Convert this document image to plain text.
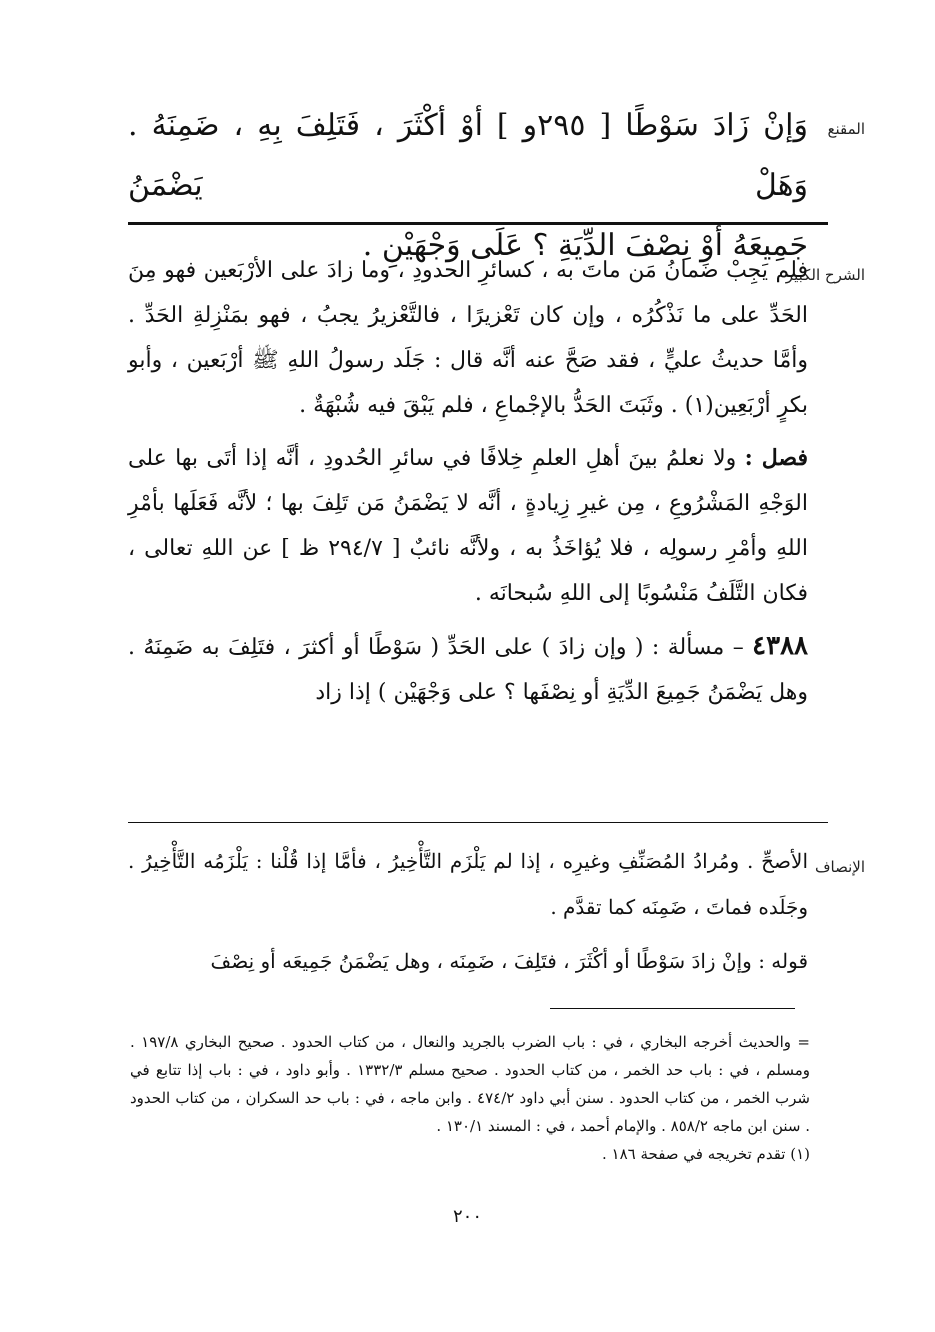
المقنع
وَإنْ زَادَ سَوْطًا [ ٢٩٥و ] أوْ أكْثَرَ ، فَتَلِفَ بِهِ ، ضَمِنَهُ . وَهَلْ يَضْمَنُ
جَمِيعَهُ أوْ نِصْفَ الدِّيَةِ ؟ عَلَى وَجْهَيْنِ .
الشرح الكبير

فلم يَجِبْ ضَمانُ مَن ماتَ به ، كسائرِ الحدودِ ، وما زادَ على الأرْبَعين فهو مِنَ الحَدِّ على ما نَذْكُرُه ، وإن كان تَعْزيرًا ، فالتَّعْزيرُ يجبُ ، فهو بمَنْزِلةِ الحَدِّ . وأمَّا حديثُ عليٍّ ، فقد صَحَّ عنه أنَّه قال : جَلَد رسولُ اللهِ ﷺ أرْبَعين ، وأبو بكرٍ أرْبَعِين(١) . وثَبَتَ الحَدُّ بالإجْماعِ ، فلم يَبْقَ فيه شُبْهَةٌ .

فصل : ولا نعلمُ بينَ أهلِ العلمِ خِلافًا في سائرِ الحُدودِ ، أنَّه إذا أتَى بها على الوَجْهِ المَشْرُوعِ ، مِن غيرِ زِيادةٍ ، أنَّه لا يَضْمَنُ مَن تَلِفَ بها ؛ لأنَّه فَعَلَها بأمْرِ اللهِ وأمْرِ رسولِه ، فلا يُؤاخَذُ به ، ولأنَّه نائبٌ [ ٢٩٤/٧ ظ ] عن اللهِ تعالى ، فكان التَّلَفُ مَنْسُوبًا إلى اللهِ سُبحانَه .

٤٣٨٨ – مسألة : ( وإن زادَ ) على الحَدِّ ( سَوْطًا أو أكثرَ ، فتَلِفَ به ضَمِنَهُ . وهل يَضْمَنُ جَمِيعَ الدِّيَةِ أو نِصْفَها ؟ على وَجْهَيْن ) إذا زاد

الإنصاف

الأصحِّ . ومُرادُ المُصَنِّفِ وغيرِه ، إذا لم يَلْزَم التَّأْخِيرُ ، فأمَّا إذا قُلْنا : يَلْزَمُه التَّأْخِيرُ . وجَلَده فماتَ ، ضَمِنَه كما تقدَّم .

قوله : وإنْ زادَ سَوْطًا أو أكْثَرَ ، فتَلِفَ ، ضَمِنَه ، وهل يَضْمَنُ جَمِيعَه أو نِصْفَ

= والحديث أخرجه البخاري ، في : باب الضرب بالجريد والنعال ، من كتاب الحدود . صحيح البخاري ١٩٧/٨ . ومسلم ، في : باب حد الخمر ، من كتاب الحدود . صحيح مسلم ١٣٣٢/٣ . وأبو داود ، في : باب إذا تتابع في شرب الخمر ، من كتاب الحدود . سنن أبي داود ٤٧٤/٢ . وابن ماجه ، في : باب حد السكران ، من كتاب الحدود . سنن ابن ماجه ٨٥٨/٢ . والإمام أحمد ، في : المسند ١٣٠/١ .

(١) تقدم تخريجه في صفحة ١٨٦ .

٢٠٠
